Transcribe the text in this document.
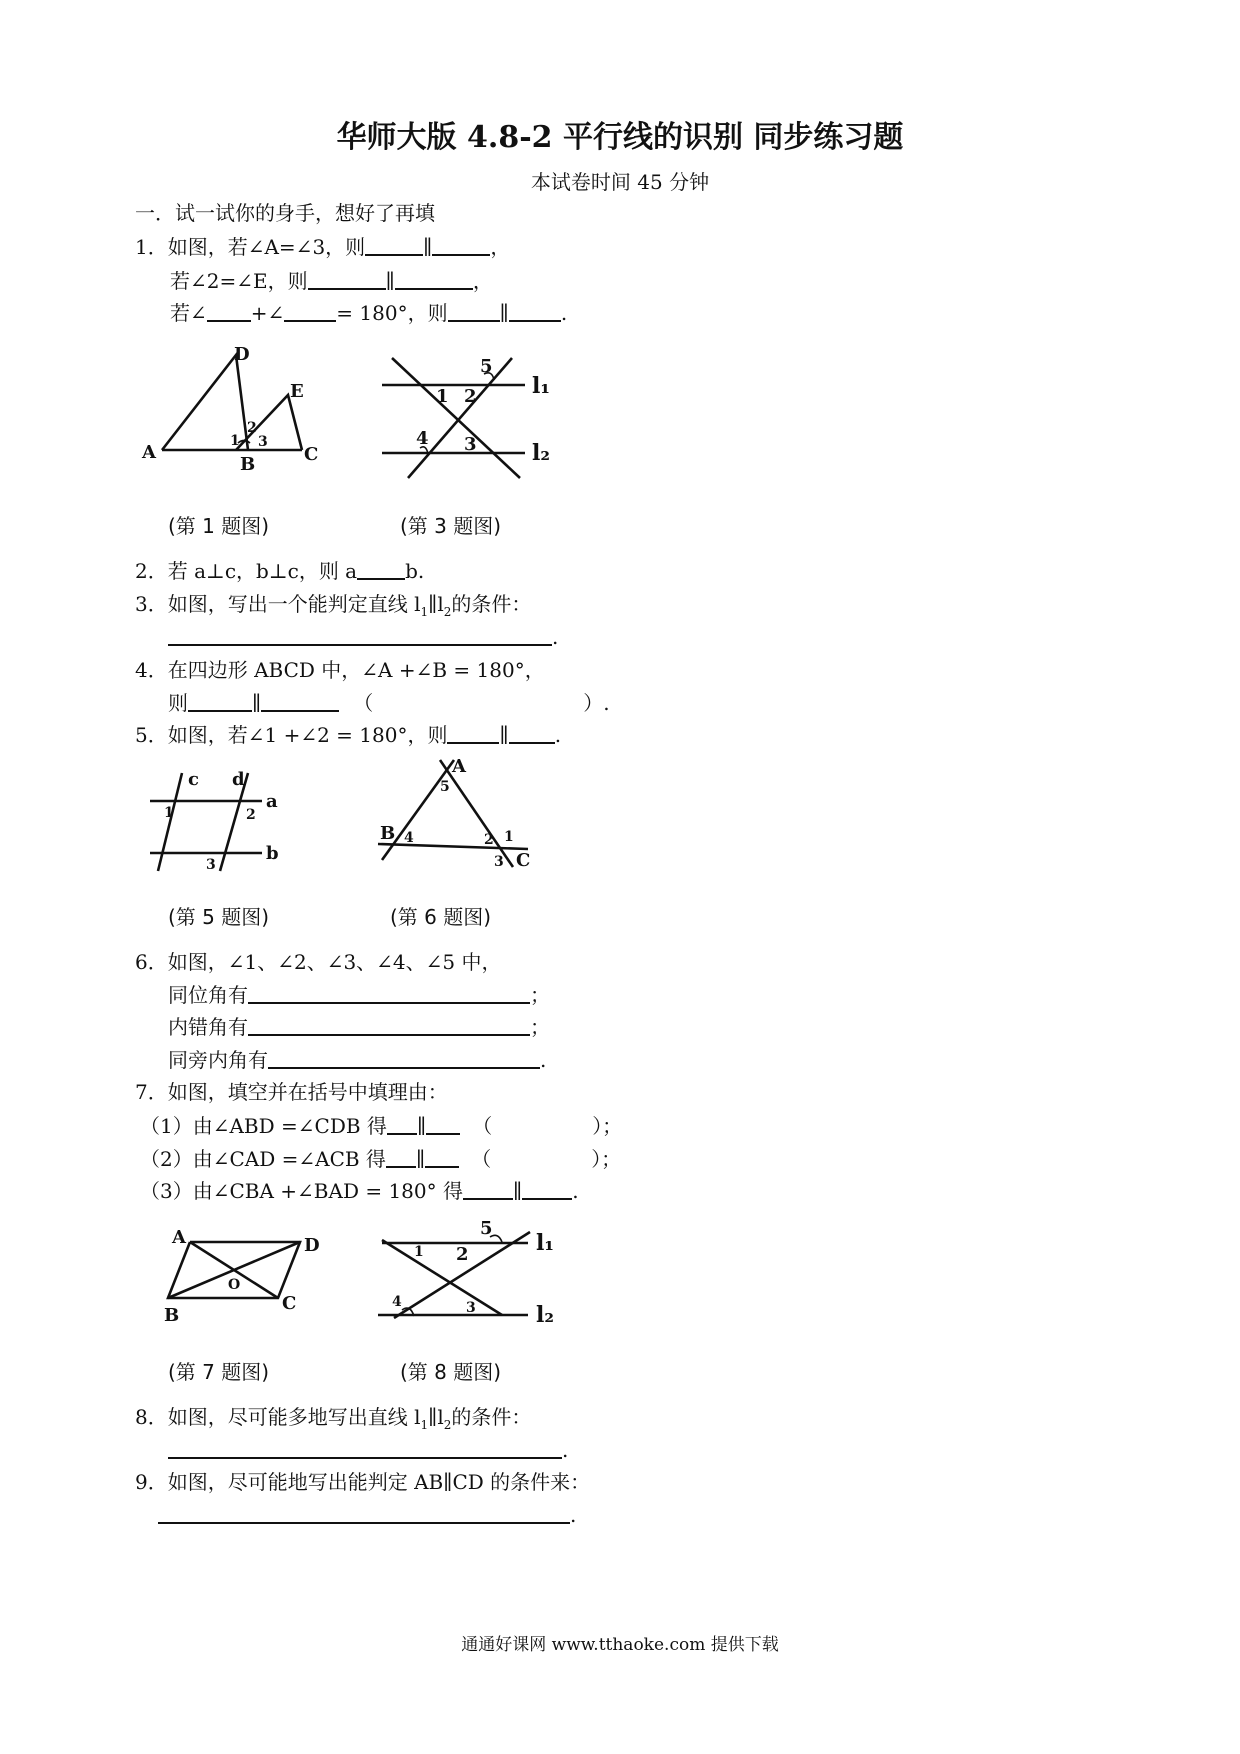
华师大版 4.8-2 平行线的识别 同步练习题
本试卷时间 45 分钟
一．试一试你的身手，想好了再填
1．如图，若∠A=∠3，则	∥	，
若∠2=∠E，则	∥	，
若∠ +∠	= 180°，则	∥	.
D
E
A
B	C
1
2
3
5
1 2	l₁
4 3	l₂
(第 1 题图)	(第 3 题图)
2．若 a⊥c，b⊥c，则 a b.
3．如图，写出一个能判定直线 $l_1\parallel l_2$的条件：
.
4．在四边形 ABCD 中，∠A +∠B = 180°，
则	∥	（	）.
5．如图，若∠1 +∠2 = 180°，则	∥ .
c d
1	2
a
3
b
A
5
B 4	2 1
3 C
(第 5 题图)	(第 6 题图)
6．如图，∠1、∠2、∠3、∠4、∠5 中，
同位角有	；
内错角有	；
同旁内角有	.
7．如图，填空并在括号中填理由：
（1）由∠ABD =∠CDB 得 ∥ （	）；
（2）由∠CAD =∠ACB 得 ∥ （	）；
（3）由∠CBA +∠BAD = 180° 得	∥	.
A	D
O
B
C
5
1 2	l₁
4	3	l₂
(第 7 题图)	(第 8 题图)
8．如图，尽可能多地写出直线 $l_1\parallel l_2$的条件：
.
9．如图，尽可能地写出能判定 AB∥CD 的条件来：
.
通通好课网 www.tthaoke.com 提供下载
